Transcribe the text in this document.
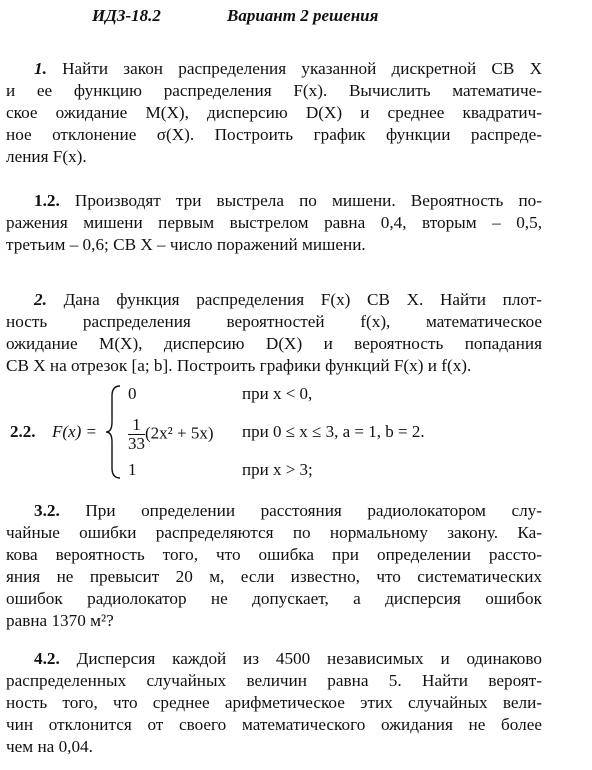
ИДЗ-18.2	Вариант 2 решения
1. Найти закон распределения указанной дискретной СВ X
и ее функцию распределения F(x). Вычислить математиче-
ское ожидание M(X), дисперсию D(X) и среднее квадратич-
ное отклонение σ(X). Построить график функции распреде-
ления F(x).
1.2. Производят три выстрела по мишени. Вероятность по-
ражения мишени первым выстрелом равна 0,4, вторым – 0,5,
третьим – 0,6; СВ X – число поражений мишени.
2. Дана функция распределения F(x) СВ X. Найти плот-
ность распределения вероятностей f(x), математическое
ожидание M(X), дисперсию D(X) и вероятность попадания
СВ X на отрезок [a; b]. Построить графики функций F(x) и f(x).
2.2. F(x) =
0
$\frac{1}{33} (2x^2 + 5x)$
1
при x < 0,
при 0 ≤ x ≤ 3, a = 1, b = 2.
при x > 3;
3.2. При определении расстояния радиолокатором слу-
чайные ошибки распределяются по нормальному закону. Ка-
кова вероятность того, что ошибка при определении рассто-
яния не превысит 20 м, если известно, что систематических
ошибок радиолокатор не допускает, а дисперсия ошибок
равна 1370 м²?
4.2. Дисперсия каждой из 4500 независимых и одинаково
распределенных случайных величин равна 5. Найти вероят-
ность того, что среднее арифметическое этих случайных вели-
чин отклонится от своего математического ожидания не более
чем на 0,04.
